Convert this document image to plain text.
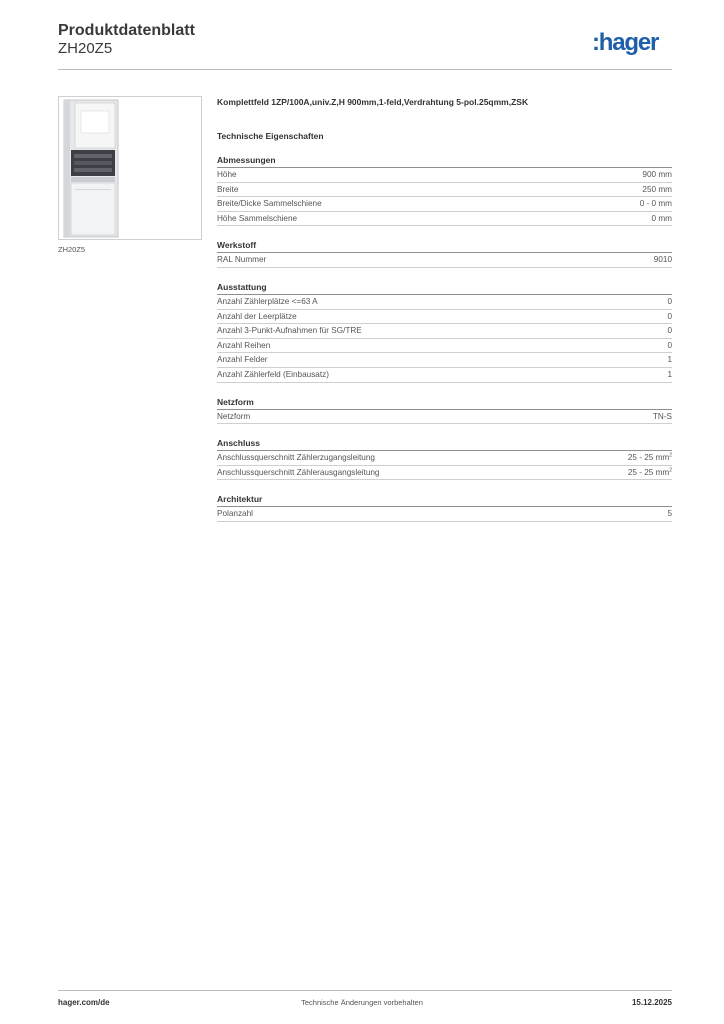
Produktdatenblatt
ZH20Z5	:hager
ZH20Z5
Komplettfeld 1ZP/100A,univ.Z,H 900mm,1-feld,Verdrahtung 5-pol.25qmm,ZSK
Technische Eigenschaften
Abmessungen
Höhe	900 mm
Breite	250 mm
Breite/Dicke Sammelschiene	0 - 0 mm
Höhe Sammelschiene	0 mm
Werkstoff
RAL Nummer	9010
Ausstattung
Anzahl Zählerplätze <=63 A	0
Anzahl der Leerplätze	0
Anzahl 3-Punkt-Aufnahmen für SG/TRE	0
Anzahl Reihen	0
Anzahl Felder	1
Anzahl Zählerfeld (Einbausatz)	1
Netzform
Netzform	TN-S
Anschluss
Anschlussquerschnitt Zählerzugangsleitung	25 - 25 $mm^2$
Anschlussquerschnitt Zählerausgangsleitung	25 - 25 $mm^2$
Architektur
Polanzahl	5
hager.com/de	Technische Änderungen vorbehalten	15.12.2025
